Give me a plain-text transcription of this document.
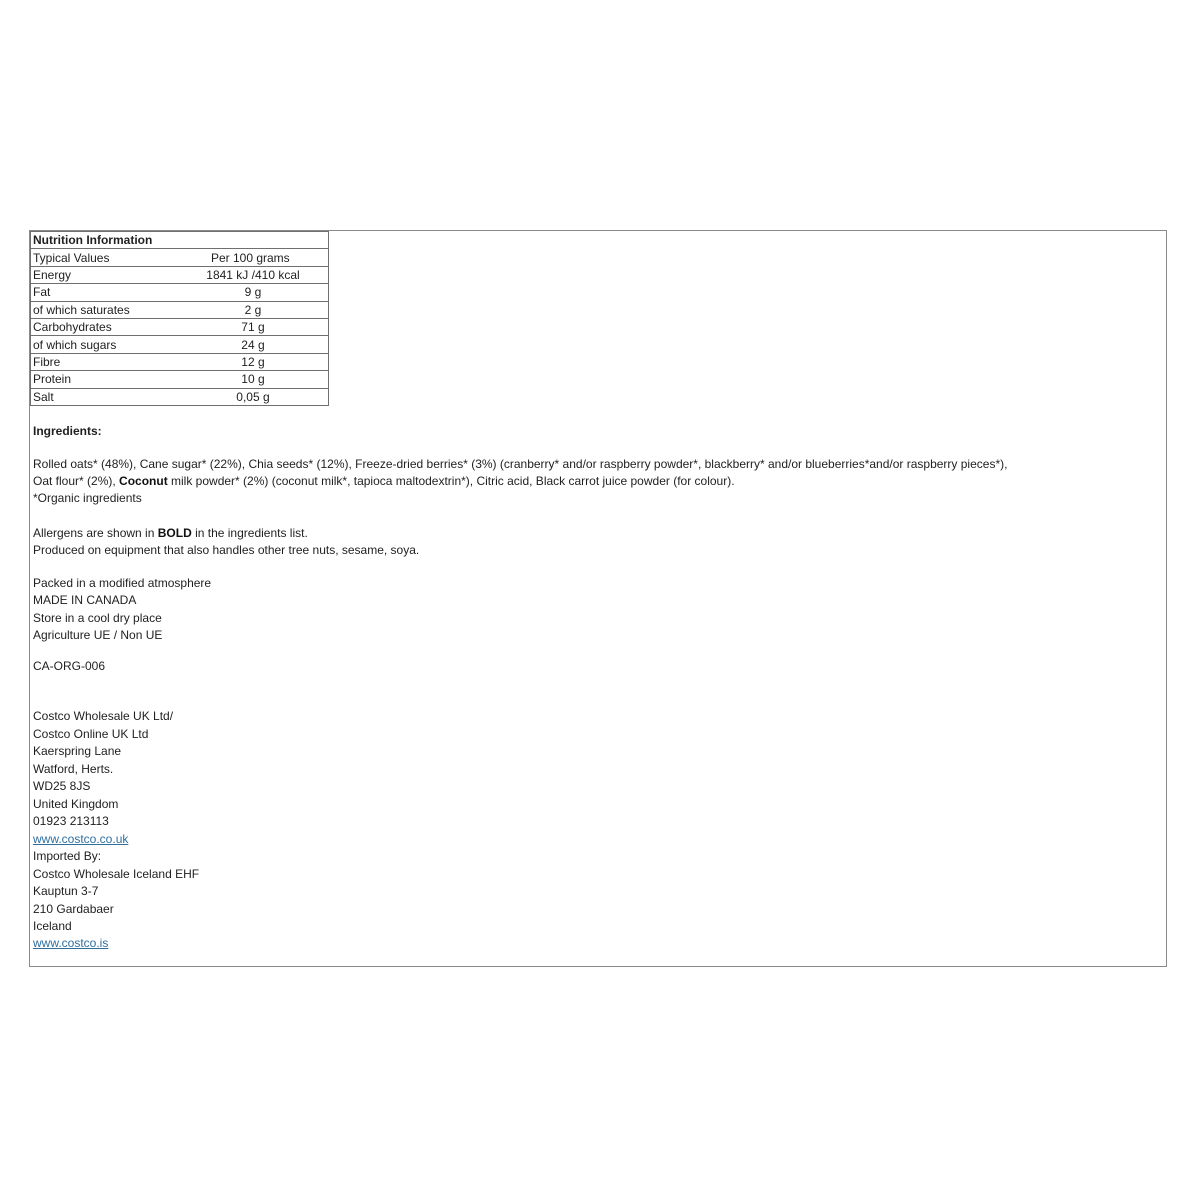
Nutrition Information	
Typical Values	Per 100 grams
Energy	1841 kJ /410 kcal
Fat	9 g
of which saturates	2 g
Carbohydrates	71 g
of which sugars	24 g
Fibre	12 g
Protein	10 g
Salt	0,05 g
Ingredients:
Rolled oats* (48%), Cane sugar* (22%), Chia seeds* (12%), Freeze-dried berries* (3%) (cranberry* and/or raspberry powder*, blackberry* and/or blueberries*and/or raspberry pieces*),
Oat flour* (2%), Coconut milk powder* (2%) (coconut milk*, tapioca maltodextrin*), Citric acid, Black carrot juice powder (for colour).
*Organic ingredients
Allergens are shown in BOLD in the ingredients list.
Produced on equipment that also handles other tree nuts, sesame, soya.
Packed in a modified atmosphere
MADE IN CANADA
Store in a cool dry place
Agriculture UE / Non UE
CA-ORG-006
Costco Wholesale UK Ltd/
Costco Online UK Ltd
Kaerspring Lane
Watford, Herts.
WD25 8JS
United Kingdom
01923 213113
www.costco.co.uk
Imported By:
Costco Wholesale Iceland EHF
Kauptun 3-7
210 Gardabaer
Iceland
www.costco.is
